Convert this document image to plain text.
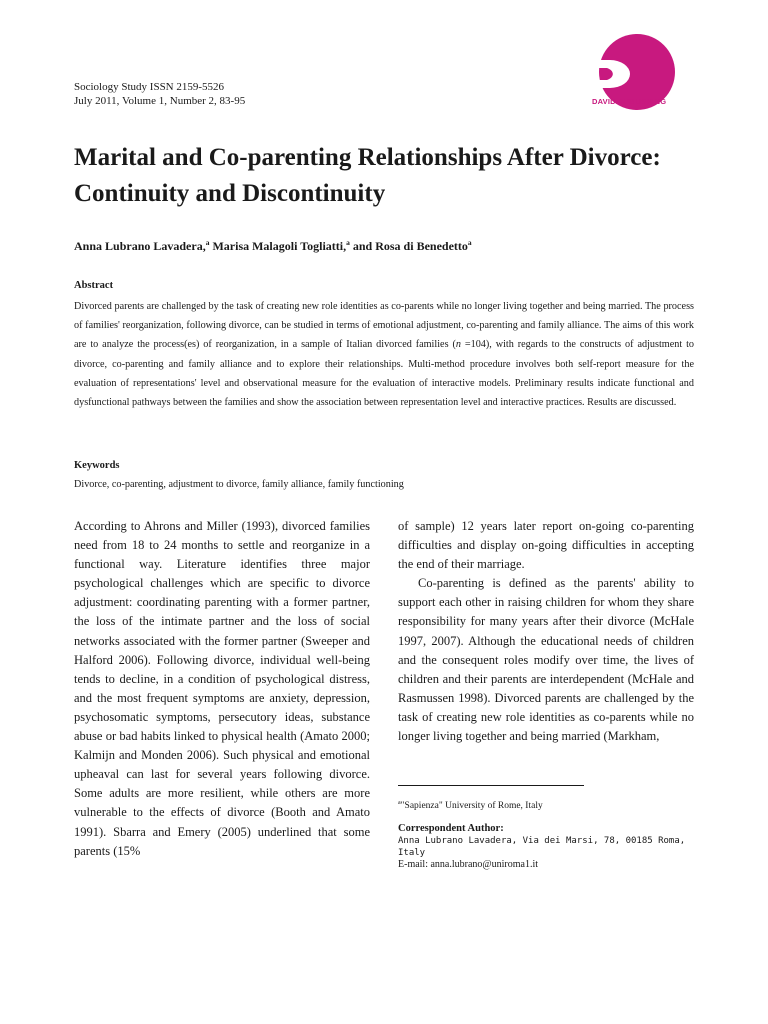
Sociology Study ISSN 2159-5526
July 2011, Volume 1, Number 2, 83-95	DAVID PUBLISHING
Marital and Co-parenting Relationships After Divorce: Continuity and Discontinuity
Anna Lubrano Lavadera,$^a$ Marisa Malagoli Togliatti,$^a$ and Rosa di Benedetto$^a$
Abstract
Divorced parents are challenged by the task of creating new role identities as co-parents while no longer living together and being married. The process of families' reorganization, following divorce, can be studied in terms of emotional adjustment, co-parenting and family alliance. The aims of this work are to analyze the process(es) of reorganization, in a sample of Italian divorced families (n =104), with regards to the constructs of adjustment to divorce, co-parenting and family alliance and to explore their relationships. Multi-method procedure involves both self-report measure for the evaluation of representations' level and observational measure for the evaluation of interactive models. Preliminary results indicate functional and dysfunctional pathways between the families and show the association between representation level and interactive practices. Results are discussed.
Keywords
Divorce, co-parenting, adjustment to divorce, family alliance, family functioning

According to Ahrons and Miller (1993), divorced families need from 18 to 24 months to settle and reorganize in a functional way. Literature identifies three major psychological challenges which are specific to divorce adjustment: coordinating parenting with a former partner, the loss of the intimate partner and the loss of social networks associated with the former partner (Sweeper and Halford 2006). Following divorce, individual well-being tends to decline, in a condition of psychological distress, and the most frequent symptoms are anxiety, depression, psychosomatic symptoms, persecutory ideas, substance abuse or bad habits linked to physical health (Amato 2000; Kalmijn and Monden 2006). Such physical and emotional upheaval can last for several years following divorce. Some adults are more resilient, while others are more vulnerable to the effects of divorce (Booth and Amato 1991). Sbarra and Emery (2005) underlined that some parents (15%

of sample) 12 years later report on-going co-parenting difficulties and display on-going difficulties in accepting the end of their marriage.

Co-parenting is defined as the parents' ability to support each other in raising children for whom they share responsibility for many years after their divorce (McHale 1997, 2007). Although the educational needs of children and the consequent roles modify over time, the lives of children and their parents are interdependent (McHale and Rasmussen 1998). Divorced parents are challenged by the task of creating new role identities as co-parents while no longer living together and being married (Markham,

$^a$"Sapienza" University of Rome, Italy
Correspondent Author:
Anna Lubrano Lavadera, Via dei Marsi, 78, 00185 Roma, Italy
E-mail: anna.lubrano@uniroma1.it
